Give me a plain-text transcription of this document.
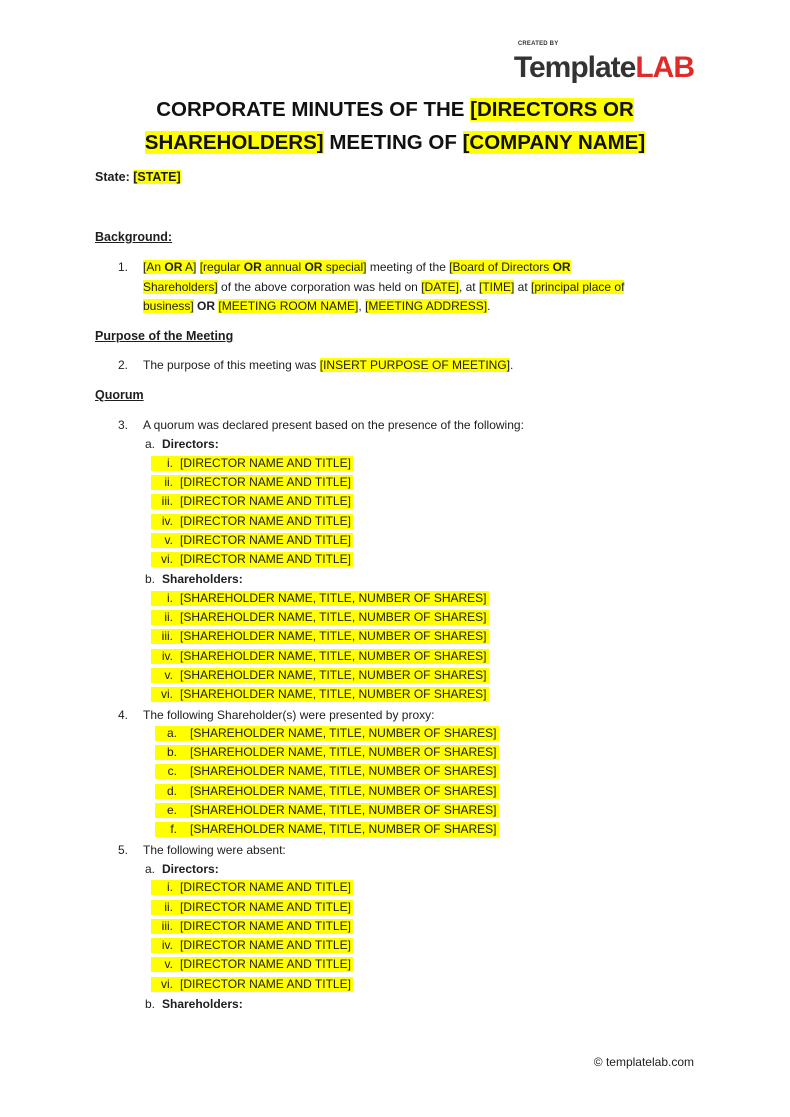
CREATED BY
TemplateLAB
CORPORATE MINUTES OF THE [DIRECTORS OR
SHAREHOLDERS] MEETING OF [COMPANY NAME]
State: [STATE]
Background:
1. [An OR A] [regular OR annual OR special] meeting of the [Board of Directors OR
Shareholders] of the above corporation was held on [DATE], at [TIME] at [principal place of
business] OR [MEETING ROOM NAME], [MEETING ADDRESS].
Purpose of the Meeting
2. The purpose of this meeting was [INSERT PURPOSE OF MEETING].
Quorum
3. A quorum was declared present based on the presence of the following:
a. Directors:
i. [DIRECTOR NAME AND TITLE]
ii. [DIRECTOR NAME AND TITLE]
iii. [DIRECTOR NAME AND TITLE]
iv. [DIRECTOR NAME AND TITLE]
v. [DIRECTOR NAME AND TITLE]
vi. [DIRECTOR NAME AND TITLE]
b. Shareholders:
i. [SHAREHOLDER NAME, TITLE, NUMBER OF SHARES]
ii. [SHAREHOLDER NAME, TITLE, NUMBER OF SHARES]
iii. [SHAREHOLDER NAME, TITLE, NUMBER OF SHARES]
iv. [SHAREHOLDER NAME, TITLE, NUMBER OF SHARES]
v. [SHAREHOLDER NAME, TITLE, NUMBER OF SHARES]
vi. [SHAREHOLDER NAME, TITLE, NUMBER OF SHARES]
4. The following Shareholder(s) were presented by proxy:
a. [SHAREHOLDER NAME, TITLE, NUMBER OF SHARES]
b. [SHAREHOLDER NAME, TITLE, NUMBER OF SHARES]
c. [SHAREHOLDER NAME, TITLE, NUMBER OF SHARES]
d. [SHAREHOLDER NAME, TITLE, NUMBER OF SHARES]
e. [SHAREHOLDER NAME, TITLE, NUMBER OF SHARES]
f. [SHAREHOLDER NAME, TITLE, NUMBER OF SHARES]
5. The following were absent:
a. Directors:
i. [DIRECTOR NAME AND TITLE]
ii. [DIRECTOR NAME AND TITLE]
iii. [DIRECTOR NAME AND TITLE]
iv. [DIRECTOR NAME AND TITLE]
v. [DIRECTOR NAME AND TITLE]
vi. [DIRECTOR NAME AND TITLE]
b. Shareholders:
© templatelab.com
